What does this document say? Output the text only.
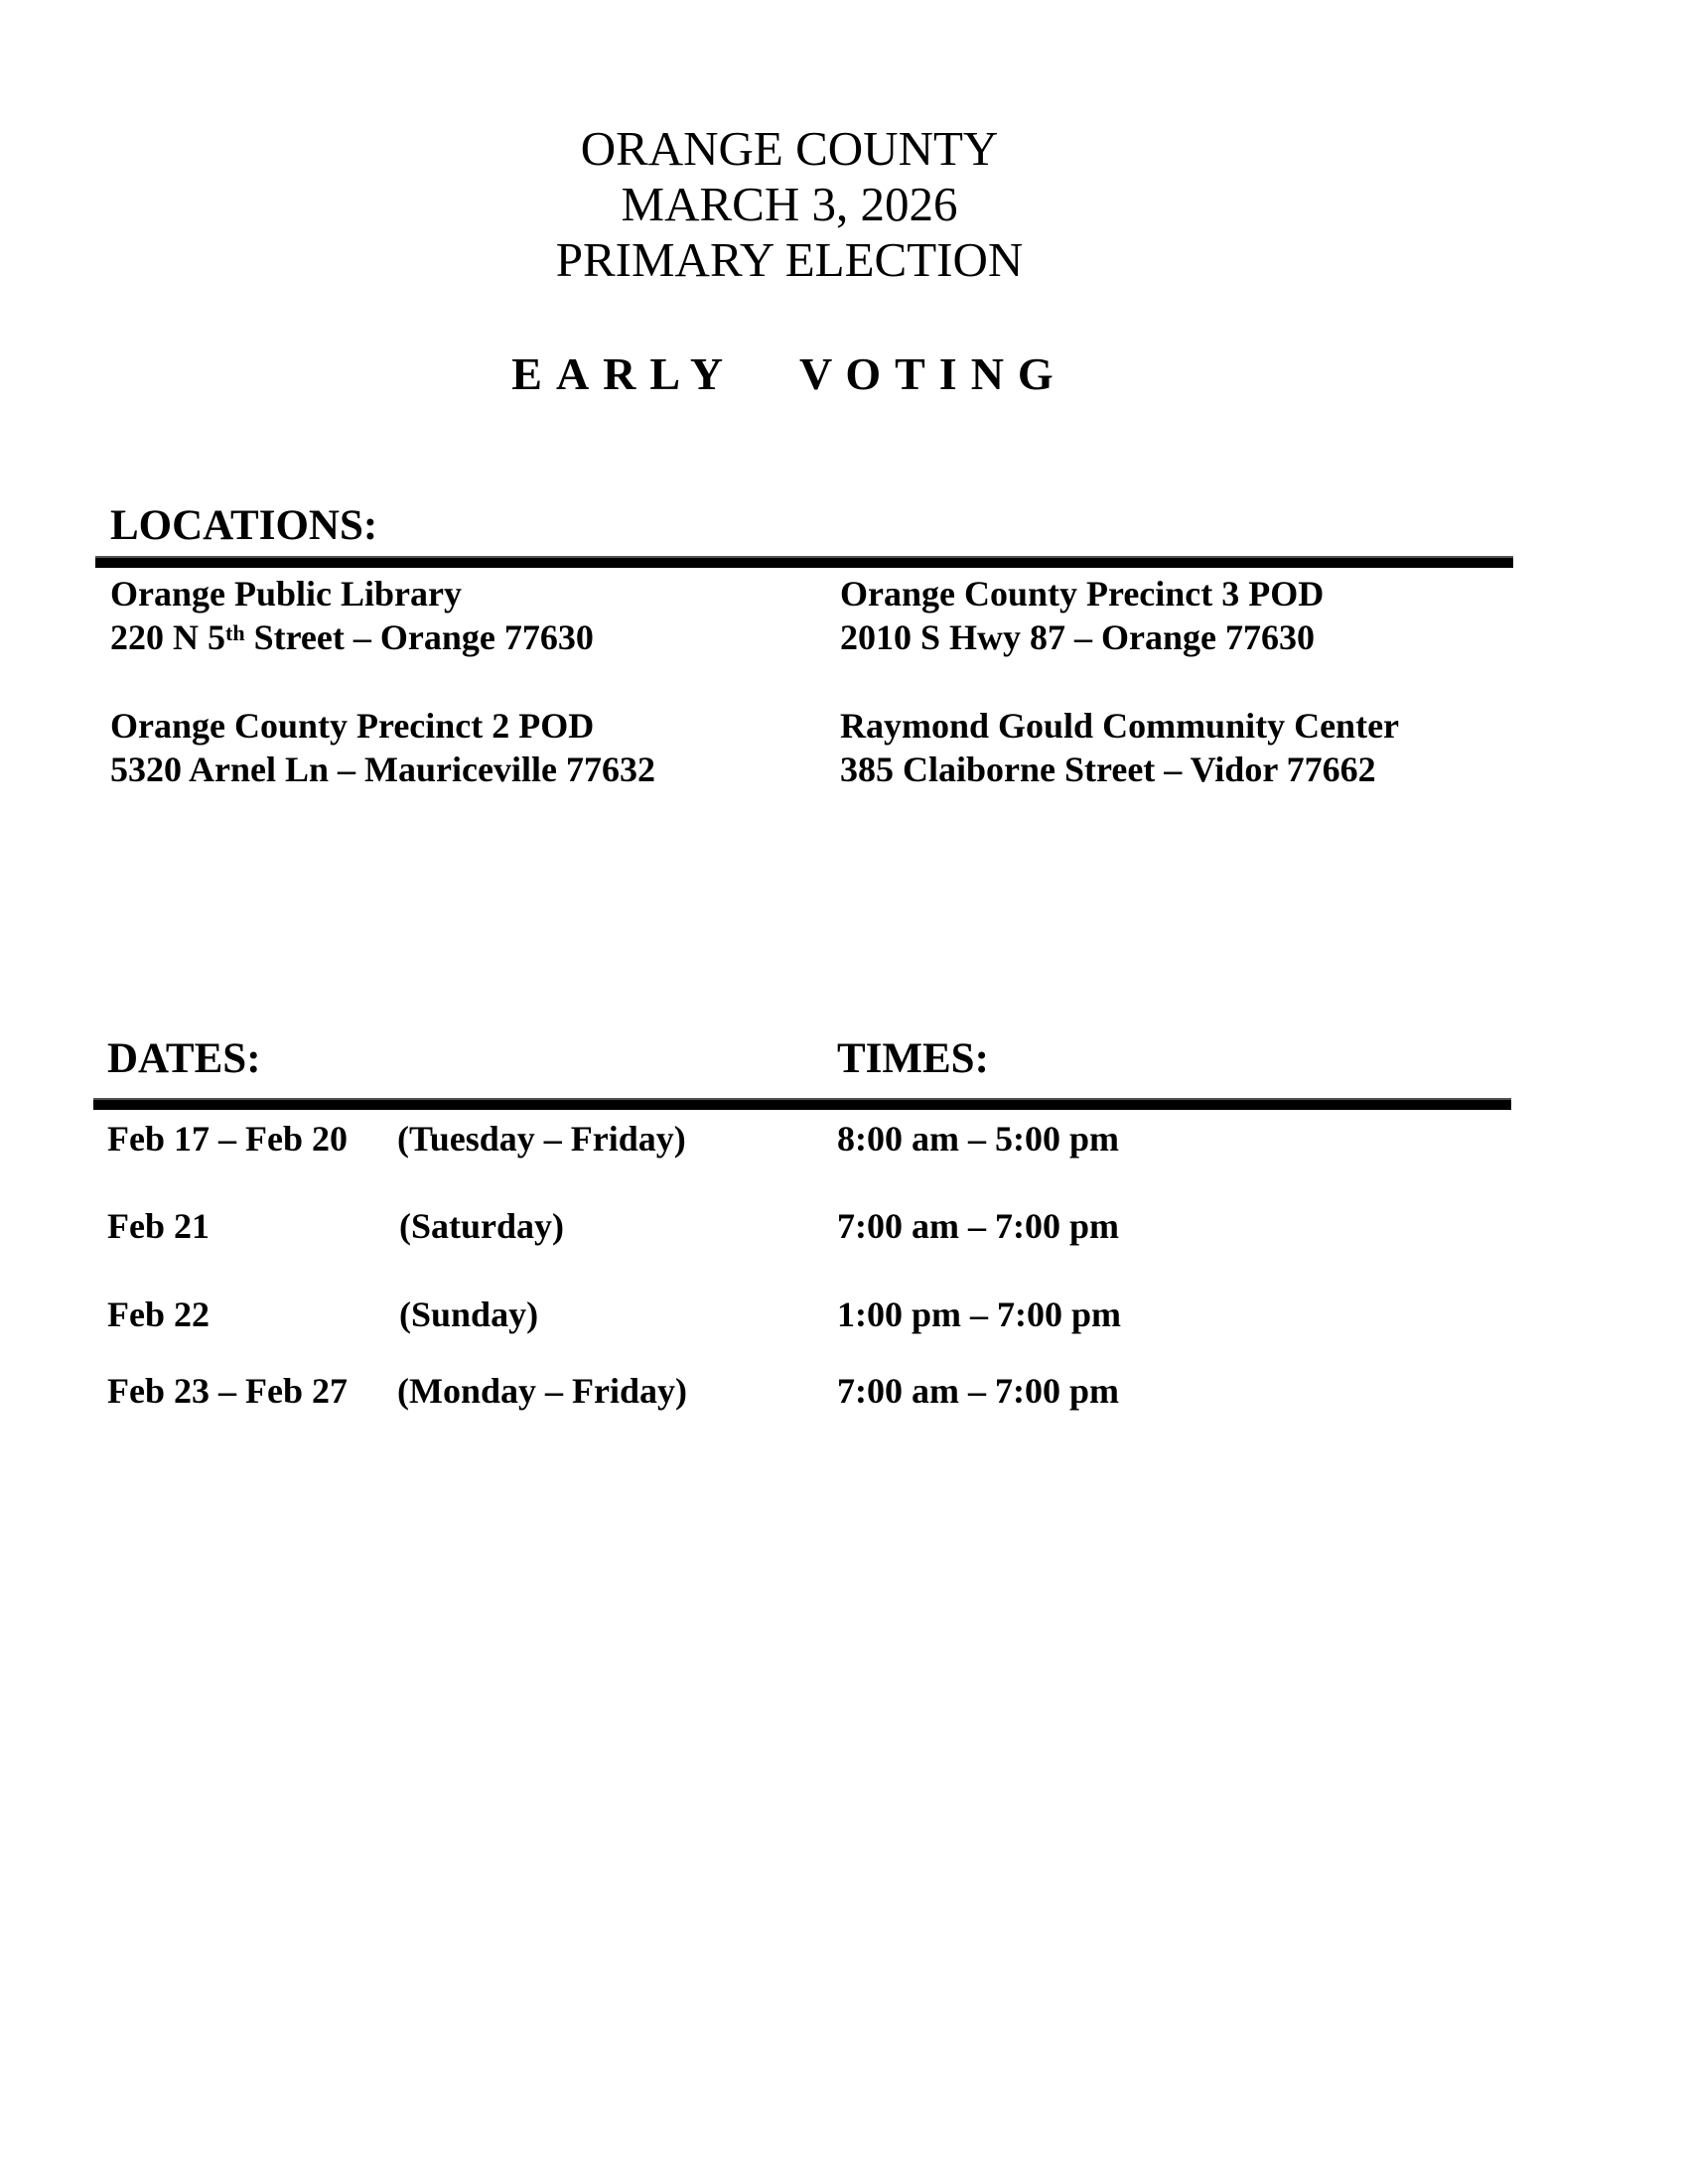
ORANGE COUNTY
MARCH 3, 2026
PRIMARY ELECTION
EARLY VOTING
LOCATIONS:
Orange Public Library
220 N 5th Street – Orange 77630
Orange County Precinct 3 POD
2010 S Hwy 87 – Orange 77630
Orange County Precinct 2 POD
5320 Arnel Ln – Mauriceville 77632
Raymond Gould Community Center
385 Claiborne Street – Vidor 77662
DATES:	TIMES:
Feb 17 – Feb 20 (Tuesday – Friday)	8:00 am – 5:00 pm
Feb 21	(Saturday)	7:00 am – 7:00 pm
Feb 22	(Sunday)	1:00 pm – 7:00 pm
Feb 23 – Feb 27 (Monday – Friday)	7:00 am – 7:00 pm
